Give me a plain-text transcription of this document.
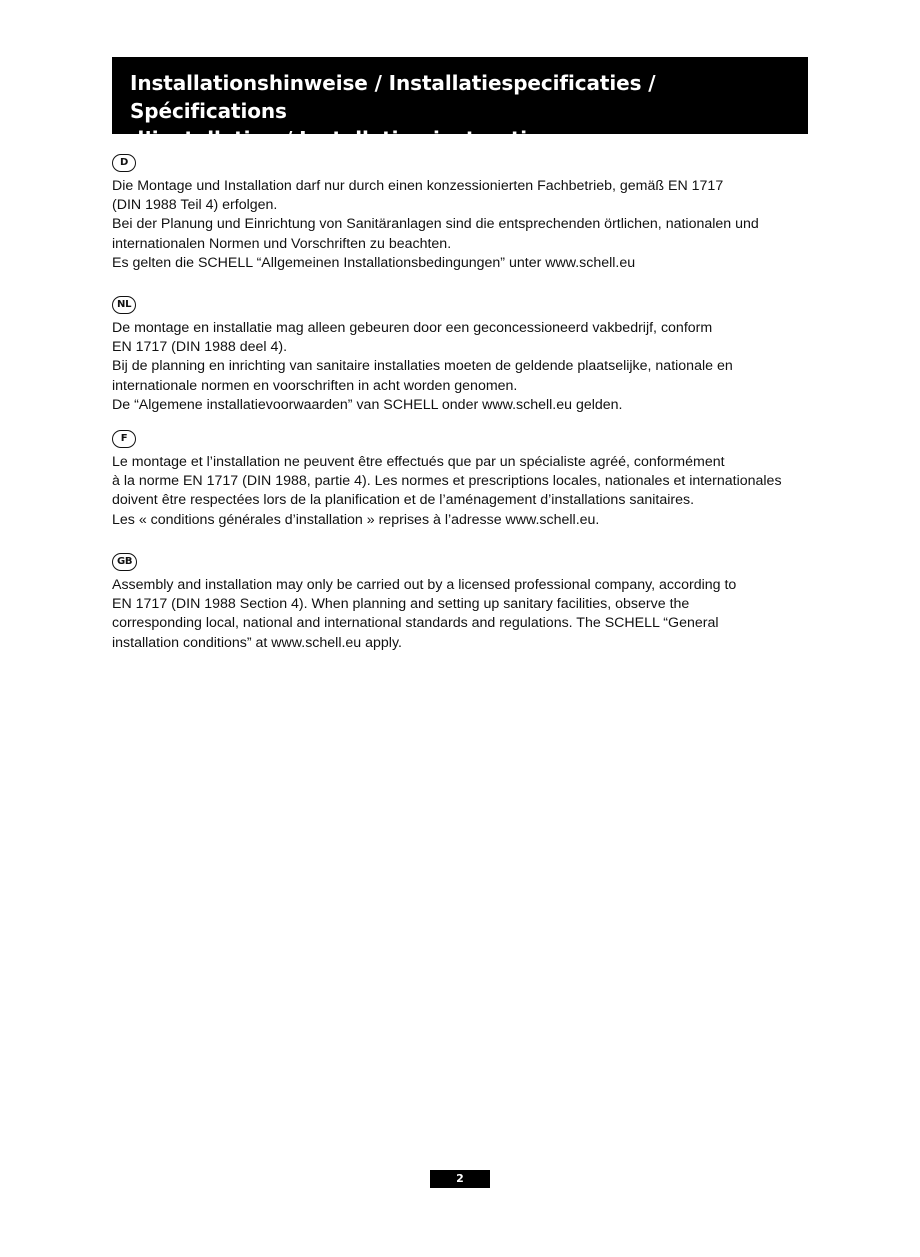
Installationshinweise / Installatiespecificaties / Spécifications
d’installation / Installation instructions
D

Die Montage und Installation darf nur durch einen konzessionierten Fachbetrieb, gemäß EN 1717
(DIN 1988 Teil 4) erfolgen.
Bei der Planung und Einrichtung von Sanitäranlagen sind die entsprechenden örtlichen, nationalen und
internationalen Normen und Vorschriften zu beachten.
Es gelten die SCHELL “Allgemeinen Installationsbedingungen” unter www.schell.eu

NL

De montage en installatie mag alleen gebeuren door een geconcessioneerd vakbedrijf, conform
EN 1717 (DIN 1988 deel 4).
Bij de planning en inrichting van sanitaire installaties moeten de geldende plaatselijke, nationale en
internationale normen en voorschriften in acht worden genomen.
De “Algemene installatievoorwaarden” van SCHELL onder www.schell.eu gelden.

F

Le montage et l’installation ne peuvent être effectués que par un spécialiste agréé, conformément
à la norme EN 1717 (DIN 1988, partie 4). Les normes et prescriptions locales, nationales et internationales
doivent être respectées lors de la planification et de l’aménagement d’installations sanitaires.
Les « conditions générales d’installation » reprises à l’adresse www.schell.eu.

GB

Assembly and installation may only be carried out by a licensed professional company, according to
EN 1717 (DIN 1988 Section 4). When planning and setting up sanitary facilities, observe the
corresponding local, national and international standards and regulations. The SCHELL “General
installation conditions” at www.schell.eu apply.

2
